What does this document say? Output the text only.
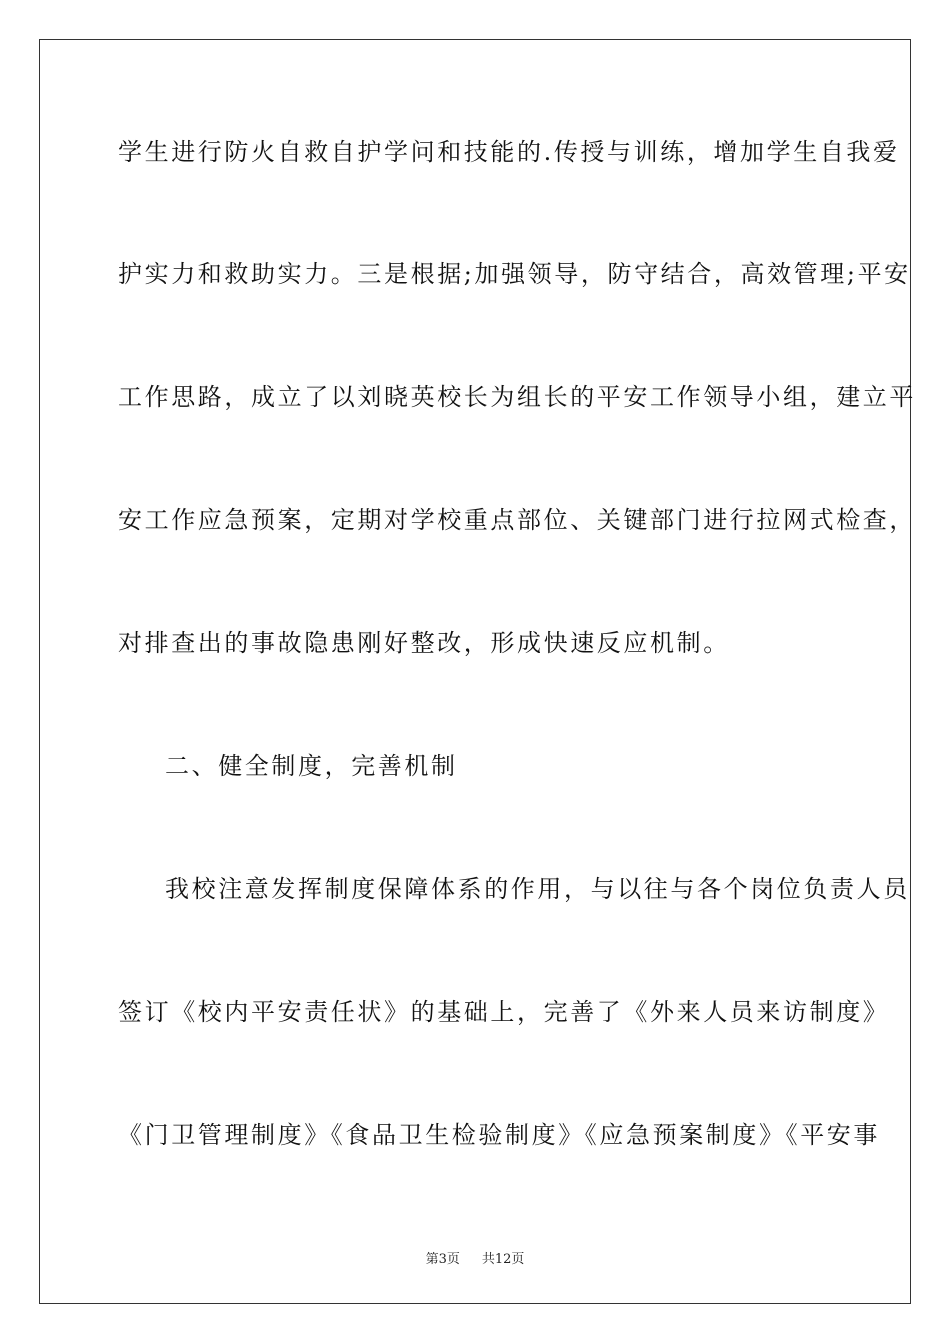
学生进行防火自救自护学问和技能的.传授与训练，增加学生自我爱
护实力和救助实力。三是根据;加强领导，防守结合，高效管理;平安
工作思路，成立了以刘晓英校长为组长的平安工作领导小组，建立平
安工作应急预案，定期对学校重点部位、关键部门进行拉网式检查，
对排查出的事故隐患刚好整改，形成快速反应机制。
二、健全制度，完善机制
我校注意发挥制度保障体系的作用，与以往与各个岗位负责人员
签订《校内平安责任状》的基础上，完善了《外来人员来访制度》
《门卫管理制度》《食品卫生检验制度》《应急预案制度》《平安事
第3页 共12页
